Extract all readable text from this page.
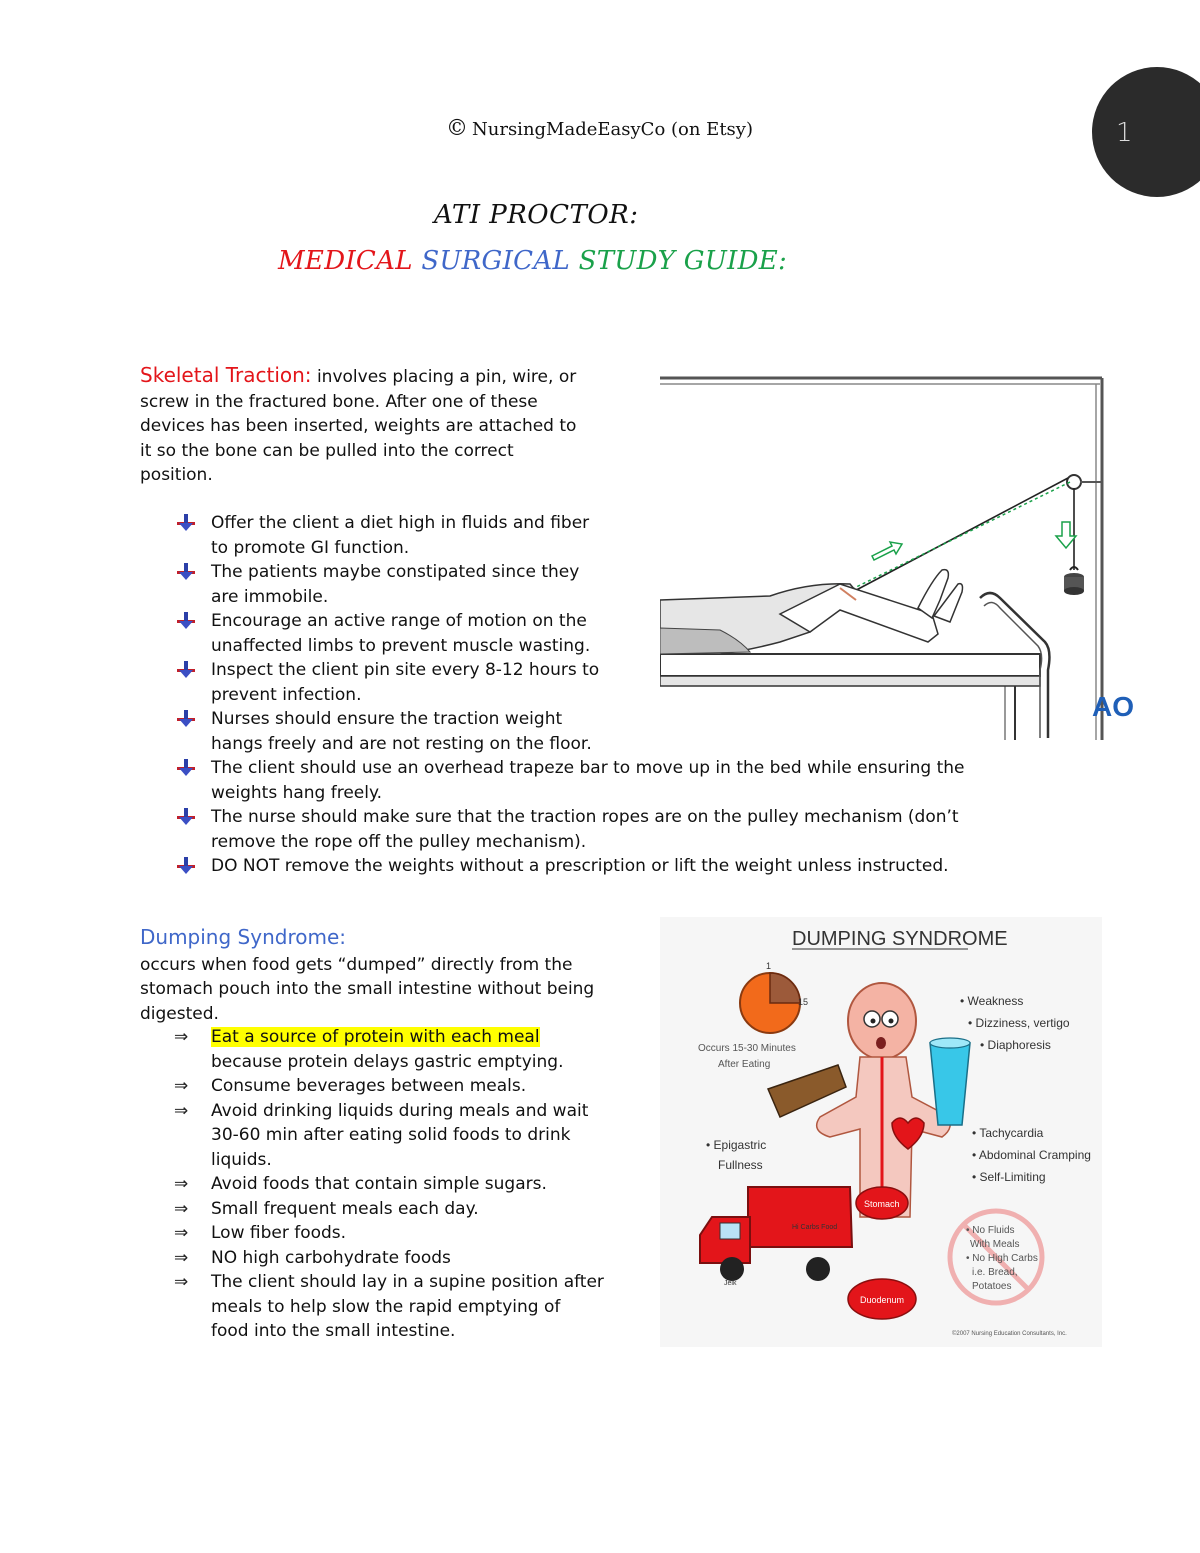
1
© NursingMadeEasyCo (on Etsy)
ATI PROCTOR:
MEDICAL SURGICAL STUDY GUIDE:
Skeletal Traction: involves placing a pin, wire, or
screw in the fractured bone. After one of these
devices has been inserted, weights are attached to
it so the bone can be pulled into the correct
position.
Offer the client a diet high in fluids and fiber
to promote GI function.
The patients maybe constipated since they
are immobile.
Encourage an active range of motion on the
unaffected limbs to prevent muscle wasting.
Inspect the client pin site every 8-12 hours to
prevent infection.
Nurses should ensure the traction weight
hangs freely and are not resting on the floor.
The client should use an overhead trapeze bar to move up in the bed while ensuring the
weights hang freely.
The nurse should make sure that the traction ropes are on the pulley mechanism (don’t
remove the rope off the pulley mechanism).
DO NOT remove the weights without a prescription or lift the weight unless instructed.
AO
Dumping Syndrome:
occurs when food gets “dumped” directly from the
stomach pouch into the small intestine without being
digested.
⇒ Eat a source of protein with each meal
because protein delays gastric emptying.
⇒ Consume beverages between meals.
⇒ Avoid drinking liquids during meals and wait
30-60 min after eating solid foods to drink
liquids.
⇒ Avoid foods that contain simple sugars.
⇒ Small frequent meals each day.
⇒ Low fiber foods.
⇒ NO high carbohydrate foods
⇒ The client should lay in a supine position after
meals to help slow the rapid emptying of
food into the small intestine.
DUMPING SYNDROME
1
15
Occurs 15-30 Minutes
After Eating
Stomach
Duodenum
Hi Carbs Food
Jelk
• Weakness
• Dizziness, vertigo
• Diaphoresis
• Tachycardia
• Abdominal Cramping
• Self-Limiting
• Epigastric
Fullness
• No Fluids
With Meals
• No High Carbs
i.e. Bread,
Potatoes
©2007 Nursing Education Consultants, Inc.
